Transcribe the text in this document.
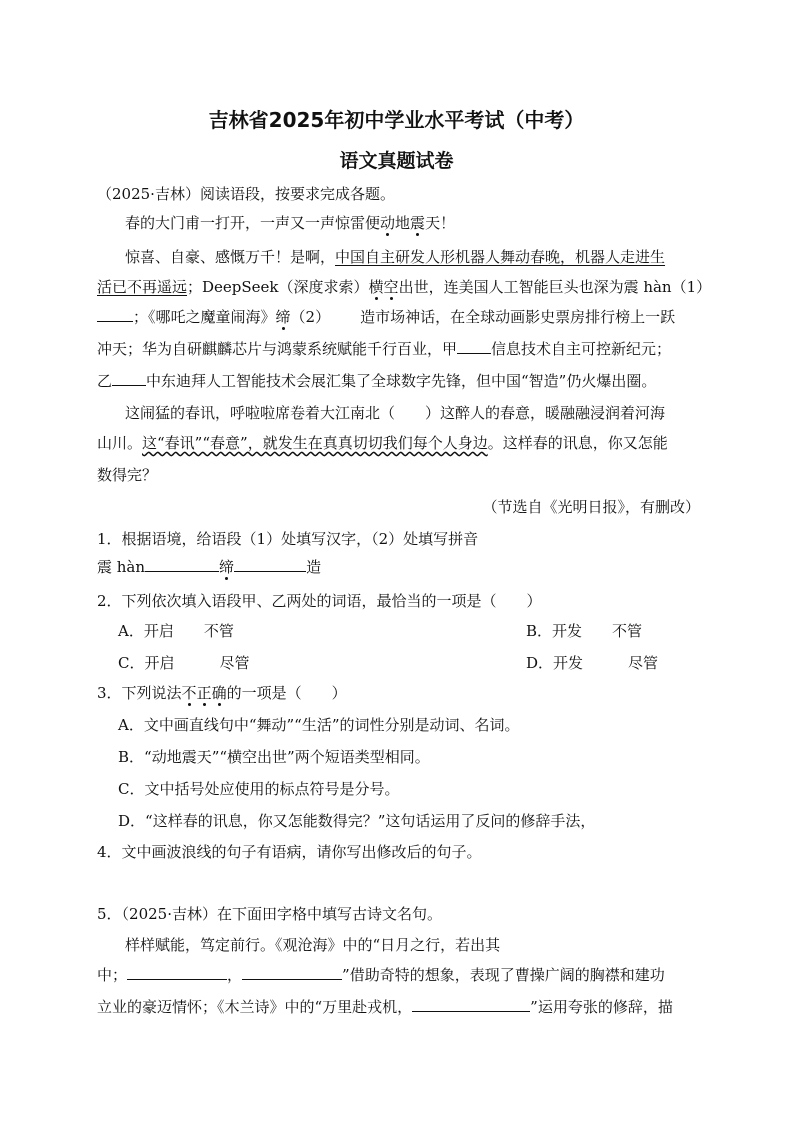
吉林省2025年初中学业水平考试（中考）
语文真题试卷
（2025·吉林）阅读语段，按要求完成各题。
春的大门甫一打开，一声又一声惊雷便动地震天！
惊喜、自豪、感慨万千！是啊，中国自主研发人形机器人舞动春晚，机器人走进生
活已不再遥远；DeepSeek（深度求索）横空出世，连美国人工智能巨头也深为震 hàn（1）
；《哪吒之魔童闹海》缔（2） 造市场神话，在全球动画影史票房排行榜上一跃
冲天；华为自研麒麟芯片与鸿蒙系统赋能千行百业，甲 信息技术自主可控新纪元；
乙 中东迪拜人工智能技术会展汇集了全球数字先锋，但中国“智造”仍火爆出圈。
这闹猛的春讯，呼啦啦席卷着大江南北（ ）这醉人的春意，暖融融浸润着河海
山川。这“春讯”“春意”，就发生在真真切切我们每个人身边。这样春的讯息，你又怎能
数得完？
（节选自《光明日报》，有删改）
1．根据语境，给语段（1）处填写汉字，（2）处填写拼音
震 hàn	缔	造
2．下列依次填入语段甲、乙两处的词语，最恰当的一项是（ ）
A．开启　　不管	B．开发　　不管
C．开启　　　尽管	D．开发　　　尽管
3．下列说法不正确的一项是（ ）
A．文中画直线句中“舞动”“生活”的词性分别是动词、名词。
B．“动地震天”“横空出世”两个短语类型相同。
C．文中括号处应使用的标点符号是分号。
D．“这样春的讯息，你又怎能数得完？”这句话运用了反问的修辞手法，
4．文中画波浪线的句子有语病，请你写出修改后的句子。
5．（2025·吉林）在下面田字格中填写古诗文名句。
样样赋能，笃定前行。《观沧海》中的“日月之行，若出其
中；	，	”借助奇特的想象，表现了曹操广阔的胸襟和建功
立业的豪迈情怀；《木兰诗》中的“万里赴戎机，	”运用夸张的修辞，描
